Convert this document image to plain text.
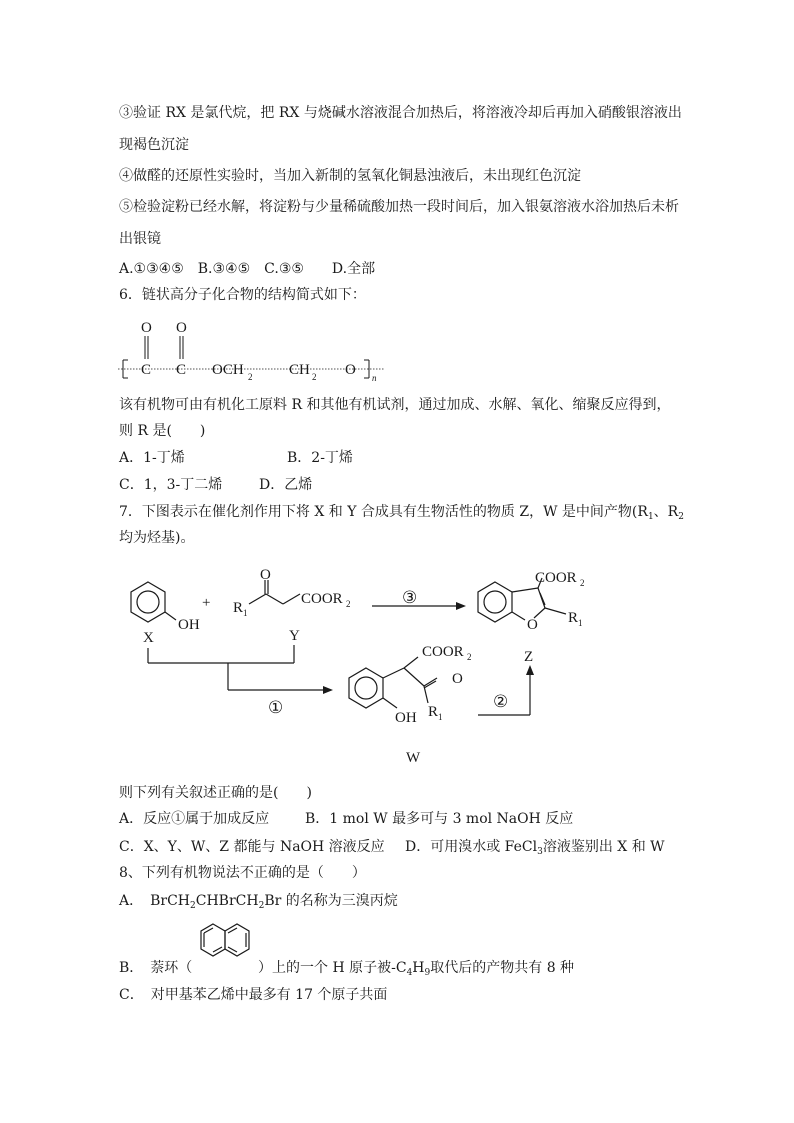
③验证 RX 是氯代烷，把 RX 与烧碱水溶液混合加热后，将溶液冷却后再加入硝酸银溶液出
现褐色沉淀
④做醛的还原性实验时，当加入新制的氢氧化铜悬浊液后，未出现红色沉淀
⑤检验淀粉已经水解，将淀粉与少量稀硫酸加热一段时间后，加入银氨溶液水浴加热后未析
出银镜
A.①③④⑤　B.③④⑤　C.③⑤　　D.全部
6．链状高分子化合物的结构简式如下：
O O
C C OCH 2 CH 2 O n
该有机物可由有机化工原料 R 和其他有机试剂，通过加成、水解、氧化、缩聚反应得到，
则 R 是(　　)
A．1-丁烯	B．2-丁烯
C．1，3-丁二烯	D．乙烯
7．下图表示在催化剂作用下将 X 和 Y 合成具有生物活性的物质 Z，W 是中间产物($R_1$、$R_2$
均为烃基)。
OH
X
+
O
R 1
COOR 2
Y
③
COOR 2
O R 1
Z
①
COOR 2
O
OH R 1
②
W
则下列有关叙述正确的是(　　)
A．反应①属于加成反应	B．1 mol W 最多可与 3 mol NaOH 反应
C．X、Y、W、Z 都能与 NaOH 溶液反应 D．可用溴水或 FeCl$_3$溶液鉴别出 X 和 W
8、下列有机物说法不正确的是（　　）
A．　BrCH$_2$CHBrCH$_2$Br 的名称为三溴丙烷
B．　萘环（	）上的一个 H 原子被$-C_4H_9$取代后的产物共有 8 种
C．　对甲基苯乙烯中最多有 17 个原子共面
